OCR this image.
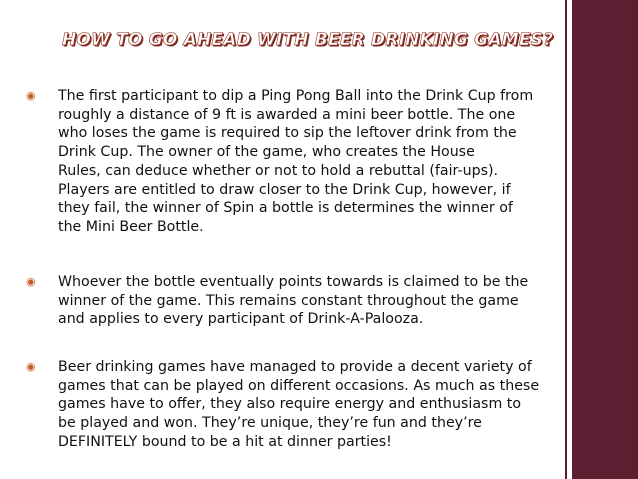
HOW TO GO AHEAD WITH BEER DRINKING GAMES?
◉ The first participant to dip a Ping Pong Ball into the Drink Cup from
roughly a distance of 9 ft is awarded a mini beer bottle. The one
who loses the game is required to sip the leftover drink from the
Drink Cup. The owner of the game, who creates the House
Rules, can deduce whether or not to hold a rebuttal (fair-ups).
Players are entitled to draw closer to the Drink Cup, however, if
they fail, the winner of Spin a bottle is determines the winner of
the Mini Beer Bottle.
◉ Whoever the bottle eventually points towards is claimed to be the
winner of the game. This remains constant throughout the game
and applies to every participant of Drink-A-Palooza.
◉ Beer drinking games have managed to provide a decent variety of
games that can be played on different occasions. As much as these
games have to offer, they also require energy and enthusiasm to
be played and won. They’re unique, they’re fun and they’re
DEFINITELY bound to be a hit at dinner parties!
